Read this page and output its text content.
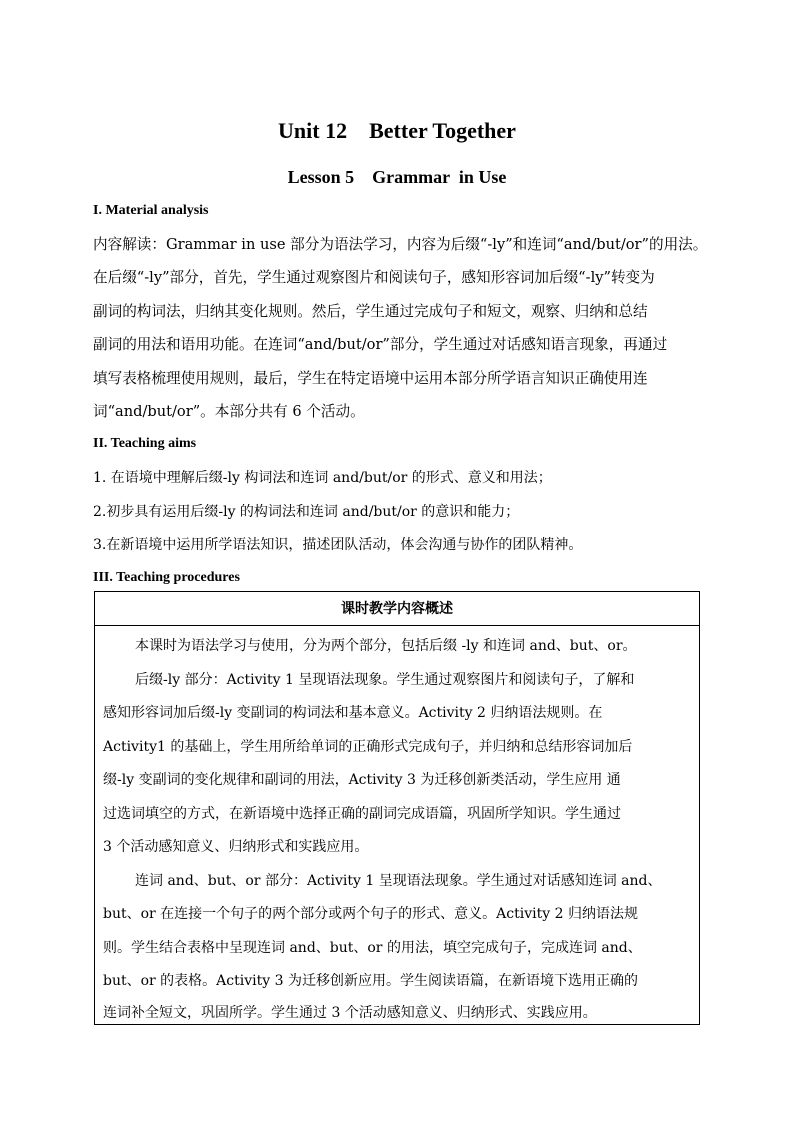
Unit 12    Better Together
Lesson 5    Grammar  in Use
I. Material analysis
内容解读：Grammar in use 部分为语法学习，内容为后缀“-ly”和连词“and/but/or”的用法。
在后缀“-ly”部分，首先，学生通过观察图片和阅读句子，感知形容词加后缀“-ly”转变为
副词的构词法，归纳其变化规则。然后，学生通过完成句子和短文，观察、归纳和总结
副词的用法和语用功能。在连词“and/but/or”部分，学生通过对话感知语言现象，再通过
填写表格梳理使用规则，最后，学生在特定语境中运用本部分所学语言知识正确使用连
词“and/but/or”。本部分共有 6 个活动。
II. Teaching aims
1. 在语境中理解后缀-ly 构词法和连词 and/but/or 的形式、意义和用法；
2.初步具有运用后缀-ly 的构词法和连词 and/but/or 的意识和能力；
3.在新语境中运用所学语法知识，描述团队活动，体会沟通与协作的团队精神。
III. Teaching procedures
课时教学内容概述
本课时为语法学习与使用，分为两个部分，包括后缀 -ly 和连词 and、but、or。
后缀-ly 部分：Activity 1 呈现语法现象。学生通过观察图片和阅读句子，了解和
感知形容词加后缀-ly 变副词的构词法和基本意义。Activity 2 归纳语法规则。在
Activity1 的基础上，学生用所给单词的正确形式完成句子，并归纳和总结形容词加后
缀-ly 变副词的变化规律和副词的用法，Activity 3 为迁移创新类活动，学生应用 通
过选词填空的方式，在新语境中选择正确的副词完成语篇，巩固所学知识。学生通过
3 个活动感知意义、归纳形式和实践应用。
连词 and、but、or 部分：Activity 1 呈现语法现象。学生通过对话感知连词 and、
but、or 在连接一个句子的两个部分或两个句子的形式、意义。Activity 2 归纳语法规
则。学生结合表格中呈现连词 and、but、or 的用法，填空完成句子，完成连词 and、
but、or 的表格。Activity 3 为迁移创新应用。学生阅读语篇，在新语境下选用正确的
连词补全短文，巩固所学。学生通过 3 个活动感知意义、归纳形式、实践应用。
